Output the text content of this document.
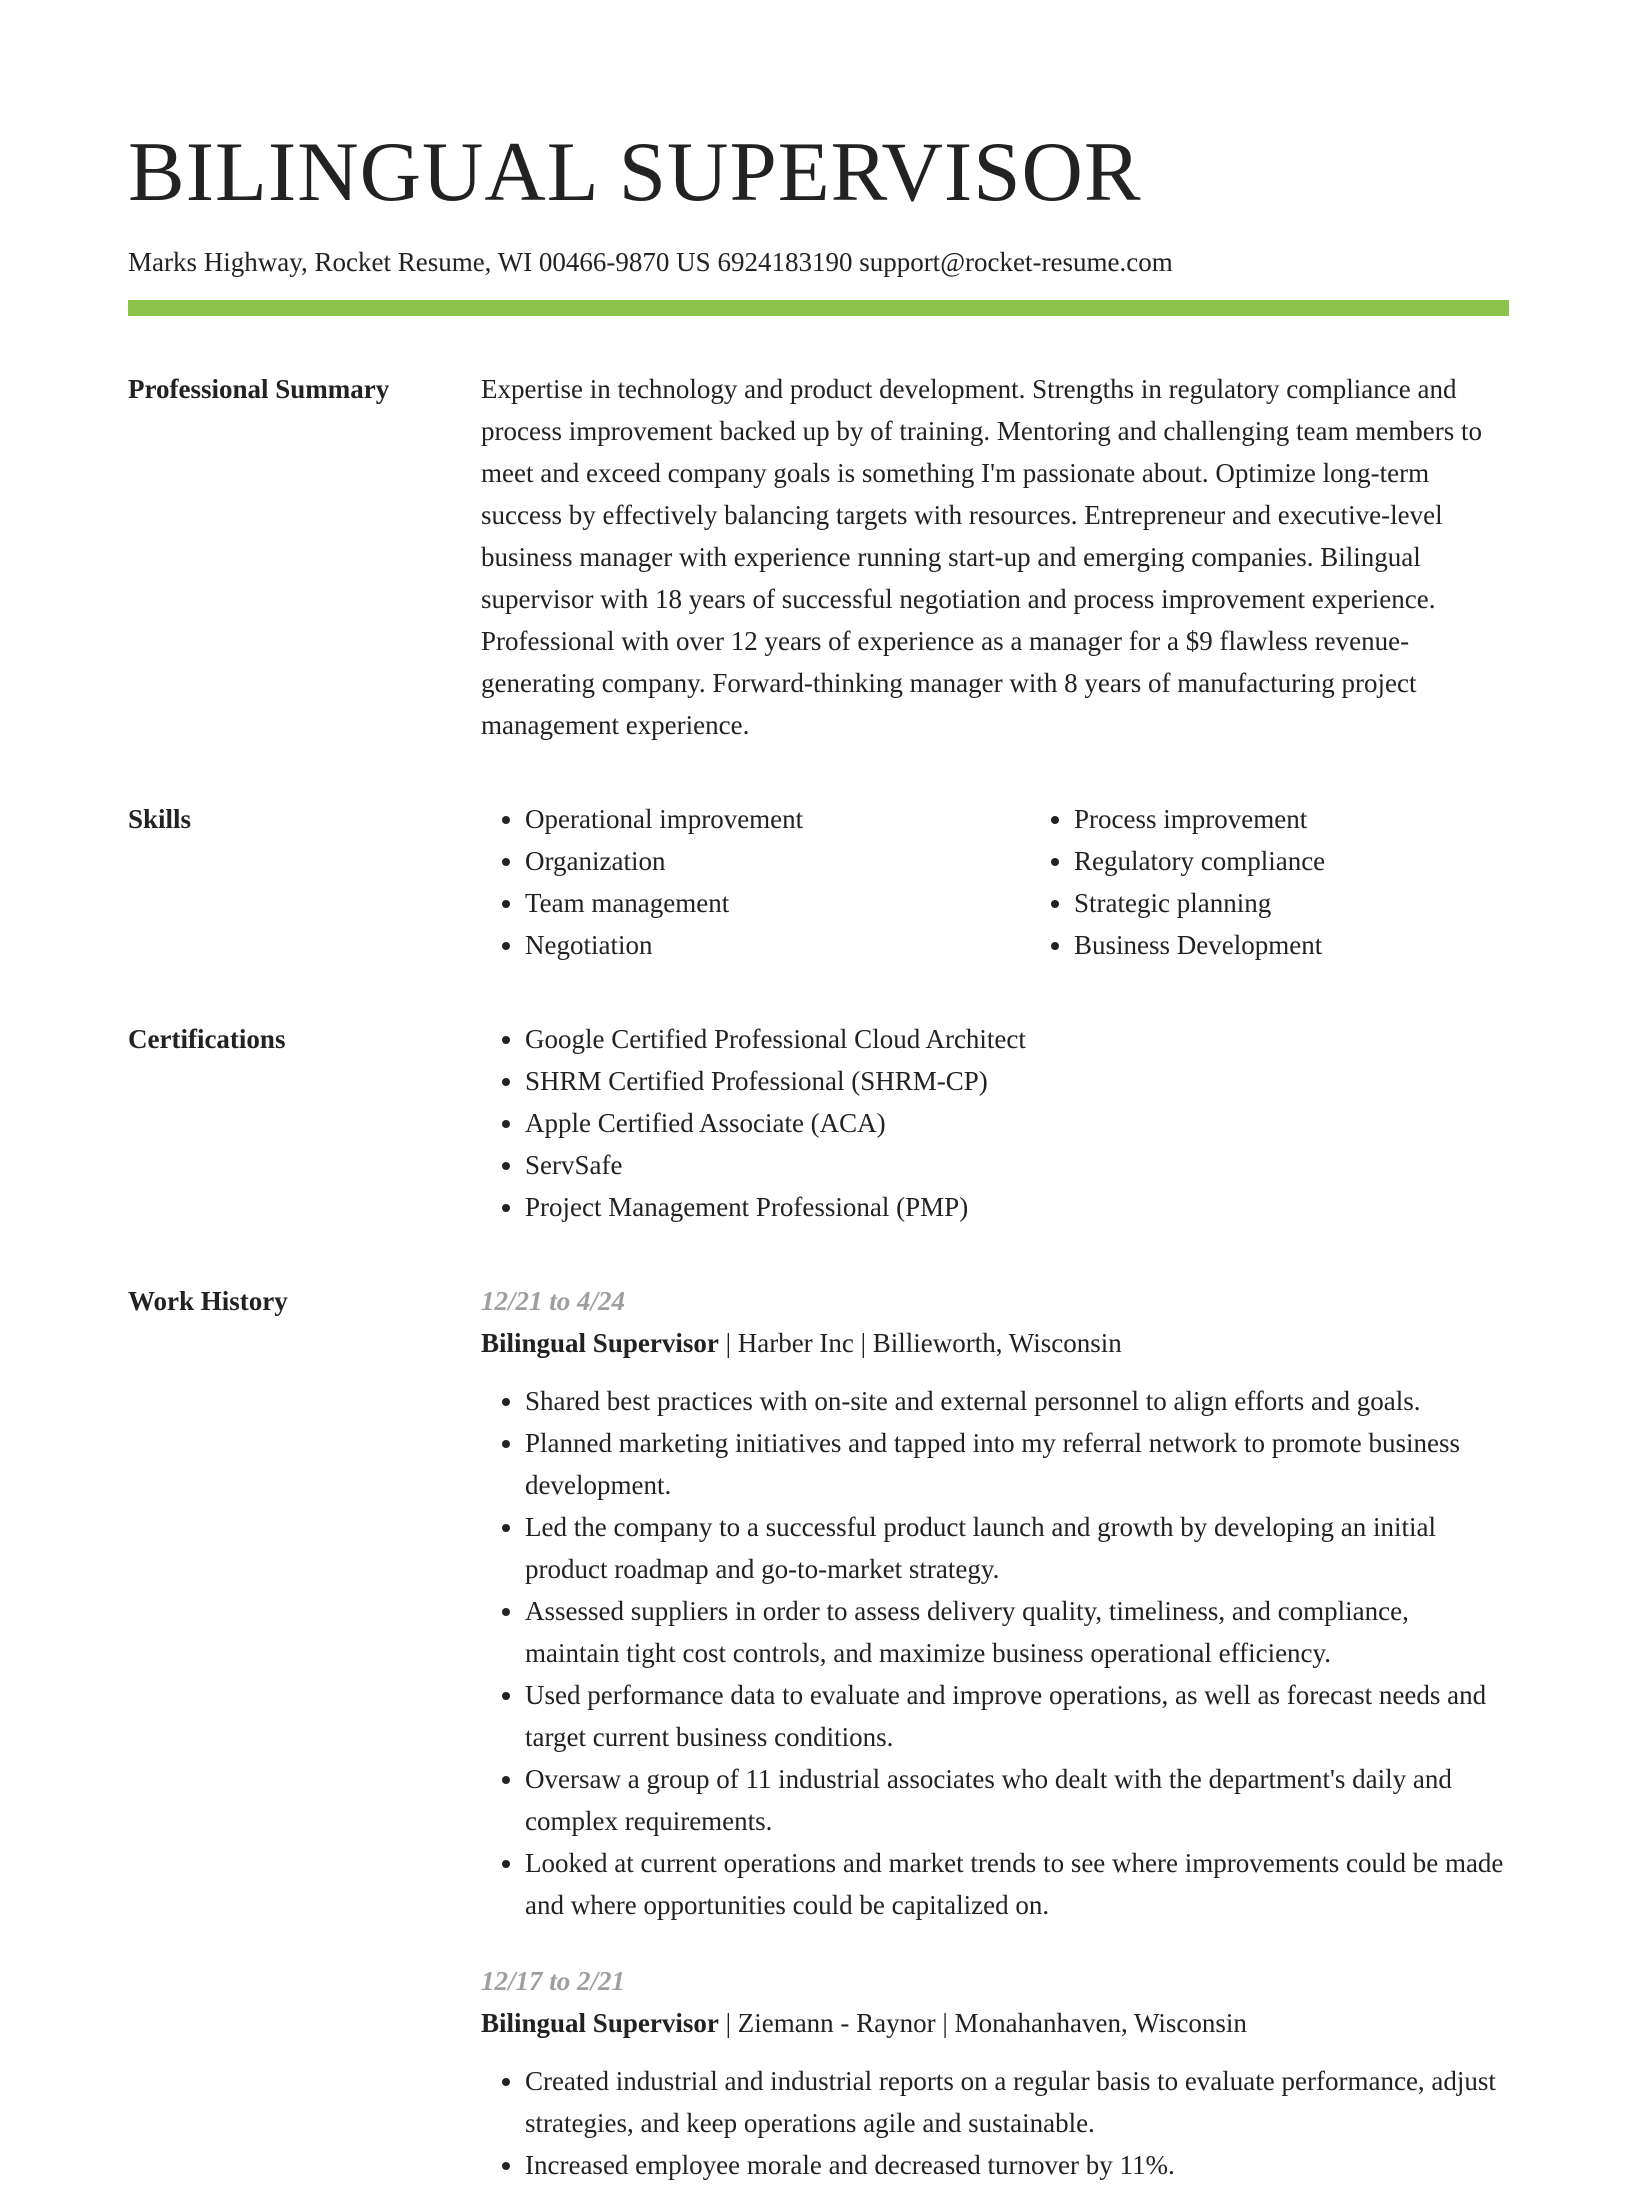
BILINGUAL SUPERVISOR
Marks Highway, Rocket Resume, WI 00466-9870 US 6924183190 support@rocket-resume.com
Professional Summary	Expertise in technology and product development. Strengths in regulatory compliance and process improvement backed up by of training. Mentoring and challenging team members to meet and exceed company goals is something I'm passionate about. Optimize long-term success by effectively balancing targets with resources. Entrepreneur and executive-level business manager with experience running start-up and emerging companies. Bilingual supervisor with 18 years of successful negotiation and process improvement experience. Professional with over 12 years of experience as a manager for a $9 flawless revenue-generating company. Forward-thinking manager with 8 years of manufacturing project management experience.

Skills	• Operational improvement
• Organization
• Team management
• Negotiation
• Process improvement
• Regulatory compliance
• Strategic planning
• Business Development
Certifications	• Google Certified Professional Cloud Architect
• SHRM Certified Professional (SHRM-CP)
• Apple Certified Associate (ACA)
• ServSafe
• Project Management Professional (PMP)
Work History	12/21 to 4/24
Bilingual Supervisor | Harber Inc | Billieworth, Wisconsin
• Shared best practices with on-site and external personnel to align efforts and goals.
• Planned marketing initiatives and tapped into my referral network to promote business development.
• Led the company to a successful product launch and growth by developing an initial product roadmap and go-to-market strategy.
• Assessed suppliers in order to assess delivery quality, timeliness, and compliance, maintain tight cost controls, and maximize business operational efficiency.
• Used performance data to evaluate and improve operations, as well as forecast needs and target current business conditions.
• Oversaw a group of 11 industrial associates who dealt with the department's daily and complex requirements.
• Looked at current operations and market trends to see where improvements could be made and where opportunities could be capitalized on.
12/17 to 2/21
Bilingual Supervisor | Ziemann - Raynor | Monahanhaven, Wisconsin
• Created industrial and industrial reports on a regular basis to evaluate performance, adjust strategies, and keep operations agile and sustainable.
• Increased employee morale and decreased turnover by 11%.
